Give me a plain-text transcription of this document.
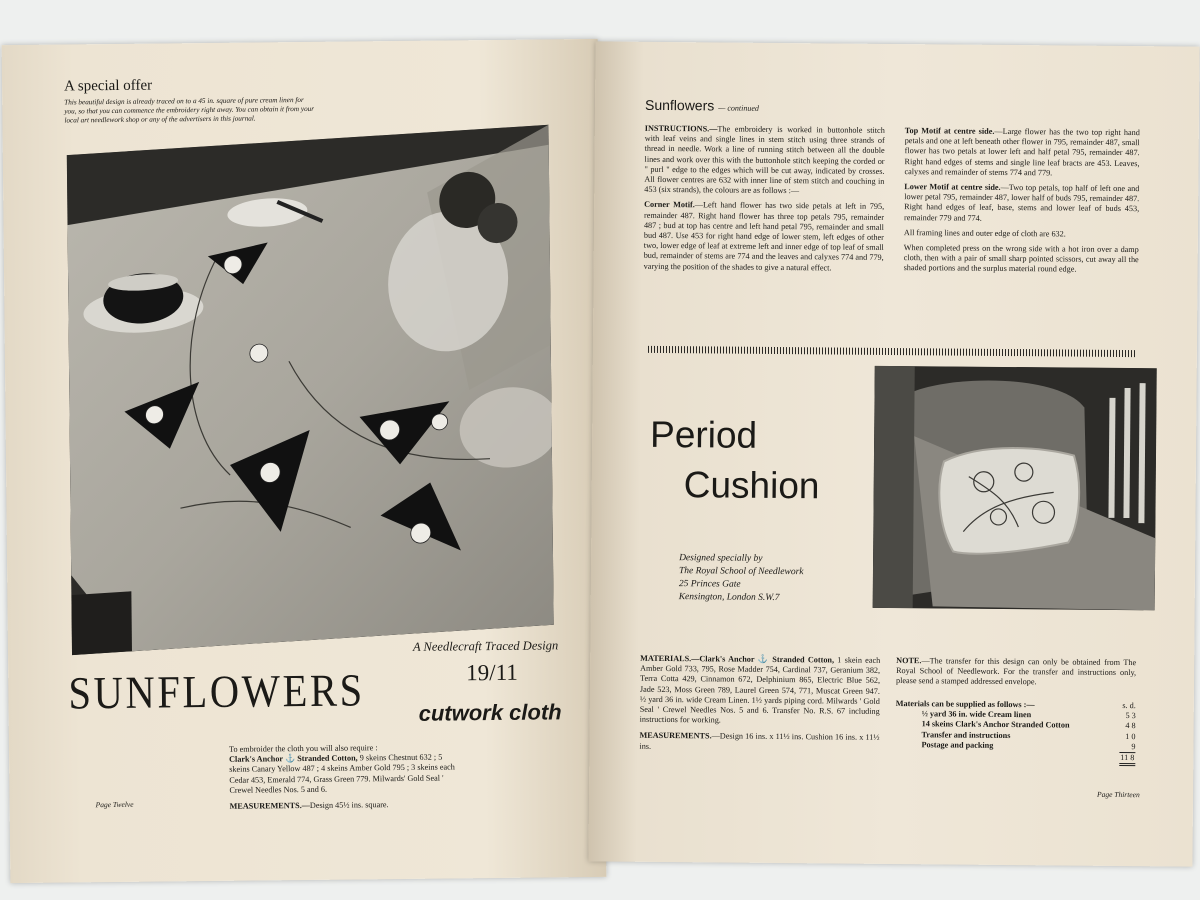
A special offer
This beautiful design is already traced on to a 45 in. square of pure cream linen for you, so that you can commence the embroidery right away. You can obtain it from your local art needlework shop or any of the advertisers in this journal.
A Needlecraft Traced Design
SUNFLOWERS	19/11
cutwork cloth
To embroider the cloth you will also require :
Clark's Anchor ⚓ Stranded Cotton, 9 skeins Chestnut 632 ; 5 skeins Canary Yellow 487 ; 4 skeins Amber Gold 795 ; 3 skeins each Cedar 453, Emerald 774, Grass Green 779. Milwards' Gold Seal ' Crewel Needles Nos. 5 and 6.
MEASUREMENTS.—Design 45½ ins. square.
Page Twelve
Sunflowers — continued

INSTRUCTIONS.—The embroidery is worked in buttonhole stitch with leaf veins and single lines in stem stitch using three strands of thread in needle. Work a line of running stitch between all the double lines and work over this with the buttonhole stitch keeping the corded or " purl " edge to the edges which will be cut away, indicated by crosses. All flower centres are 632 with inner line of stem stitch and couching in 453 (six strands), the colours are as follows :—

Corner Motif.—Left hand flower has two side petals at left in 795, remainder 487. Right hand flower has three top petals 795, remainder 487 ; bud at top has centre and left hand petal 795, remainder and small bud 487. Use 453 for right hand edge of lower stem, left edges of other two, lower edge of leaf at extreme left and inner edge of top leaf of small bud, remainder of stems are 774 and the leaves and calyxes 774 and 779, varying the position of the shades to give a natural effect.

Top Motif at centre side.—Large flower has the two top right hand petals and one at left beneath other flower in 795, remainder 487, small flower has two petals at lower left and half petal 795, remainder 487. Right hand edges of stems and single line leaf bracts are 453. Leaves, calyxes and remainder of stems 774 and 779.

Lower Motif at centre side.—Two top petals, top half of left one and lower petal 795, remainder 487, lower half of buds 795, remainder 487. Right hand edges of leaf, base, stems and lower leaf of buds 453, remainder 779 and 774.

All framing lines and outer edge of cloth are 632.

When completed press on the wrong side with a hot iron over a damp cloth, then with a pair of small sharp pointed scissors, cut away all the shaded portions and the surplus material round edge.

Period
Cushion
Designed specially by
The Royal School of Needlework
25 Princes Gate
Kensington, London S.W.7
MATERIALS.—Clark's Anchor ⚓ Stranded Cotton, 1 skein each Amber Gold 733, 795, Rose Madder 754, Cardinal 737, Geranium 382, Terra Cotta 429, Cinnamon 672, Delphinium 865, Electric Blue 562, Jade 523, Moss Green 789, Laurel Green 574, 771, Muscat Green 947. ½ yard 36 in. wide Cream Linen. 1½ yards piping cord. Milwards ' Gold Seal ' Crewel Needles Nos. 5 and 6. Transfer No. R.S. 67 including instructions for working.
MEASUREMENTS.—Design 16 ins. x 11½ ins. Cushion 16 ins. x 11½ ins.
NOTE.—The transfer for this design can only be obtained from The Royal School of Needlework. For the transfer and instructions only, please send a stamped addressed envelope.
Materials can be supplied as follows :—	s. d.
½ yard 36 in. wide Cream linen	5 3
14 skeins Clark's Anchor Stranded Cotton	4 8
Transfer and instructions	1 0
Postage and packing	9
11 8
Page Thirteen
